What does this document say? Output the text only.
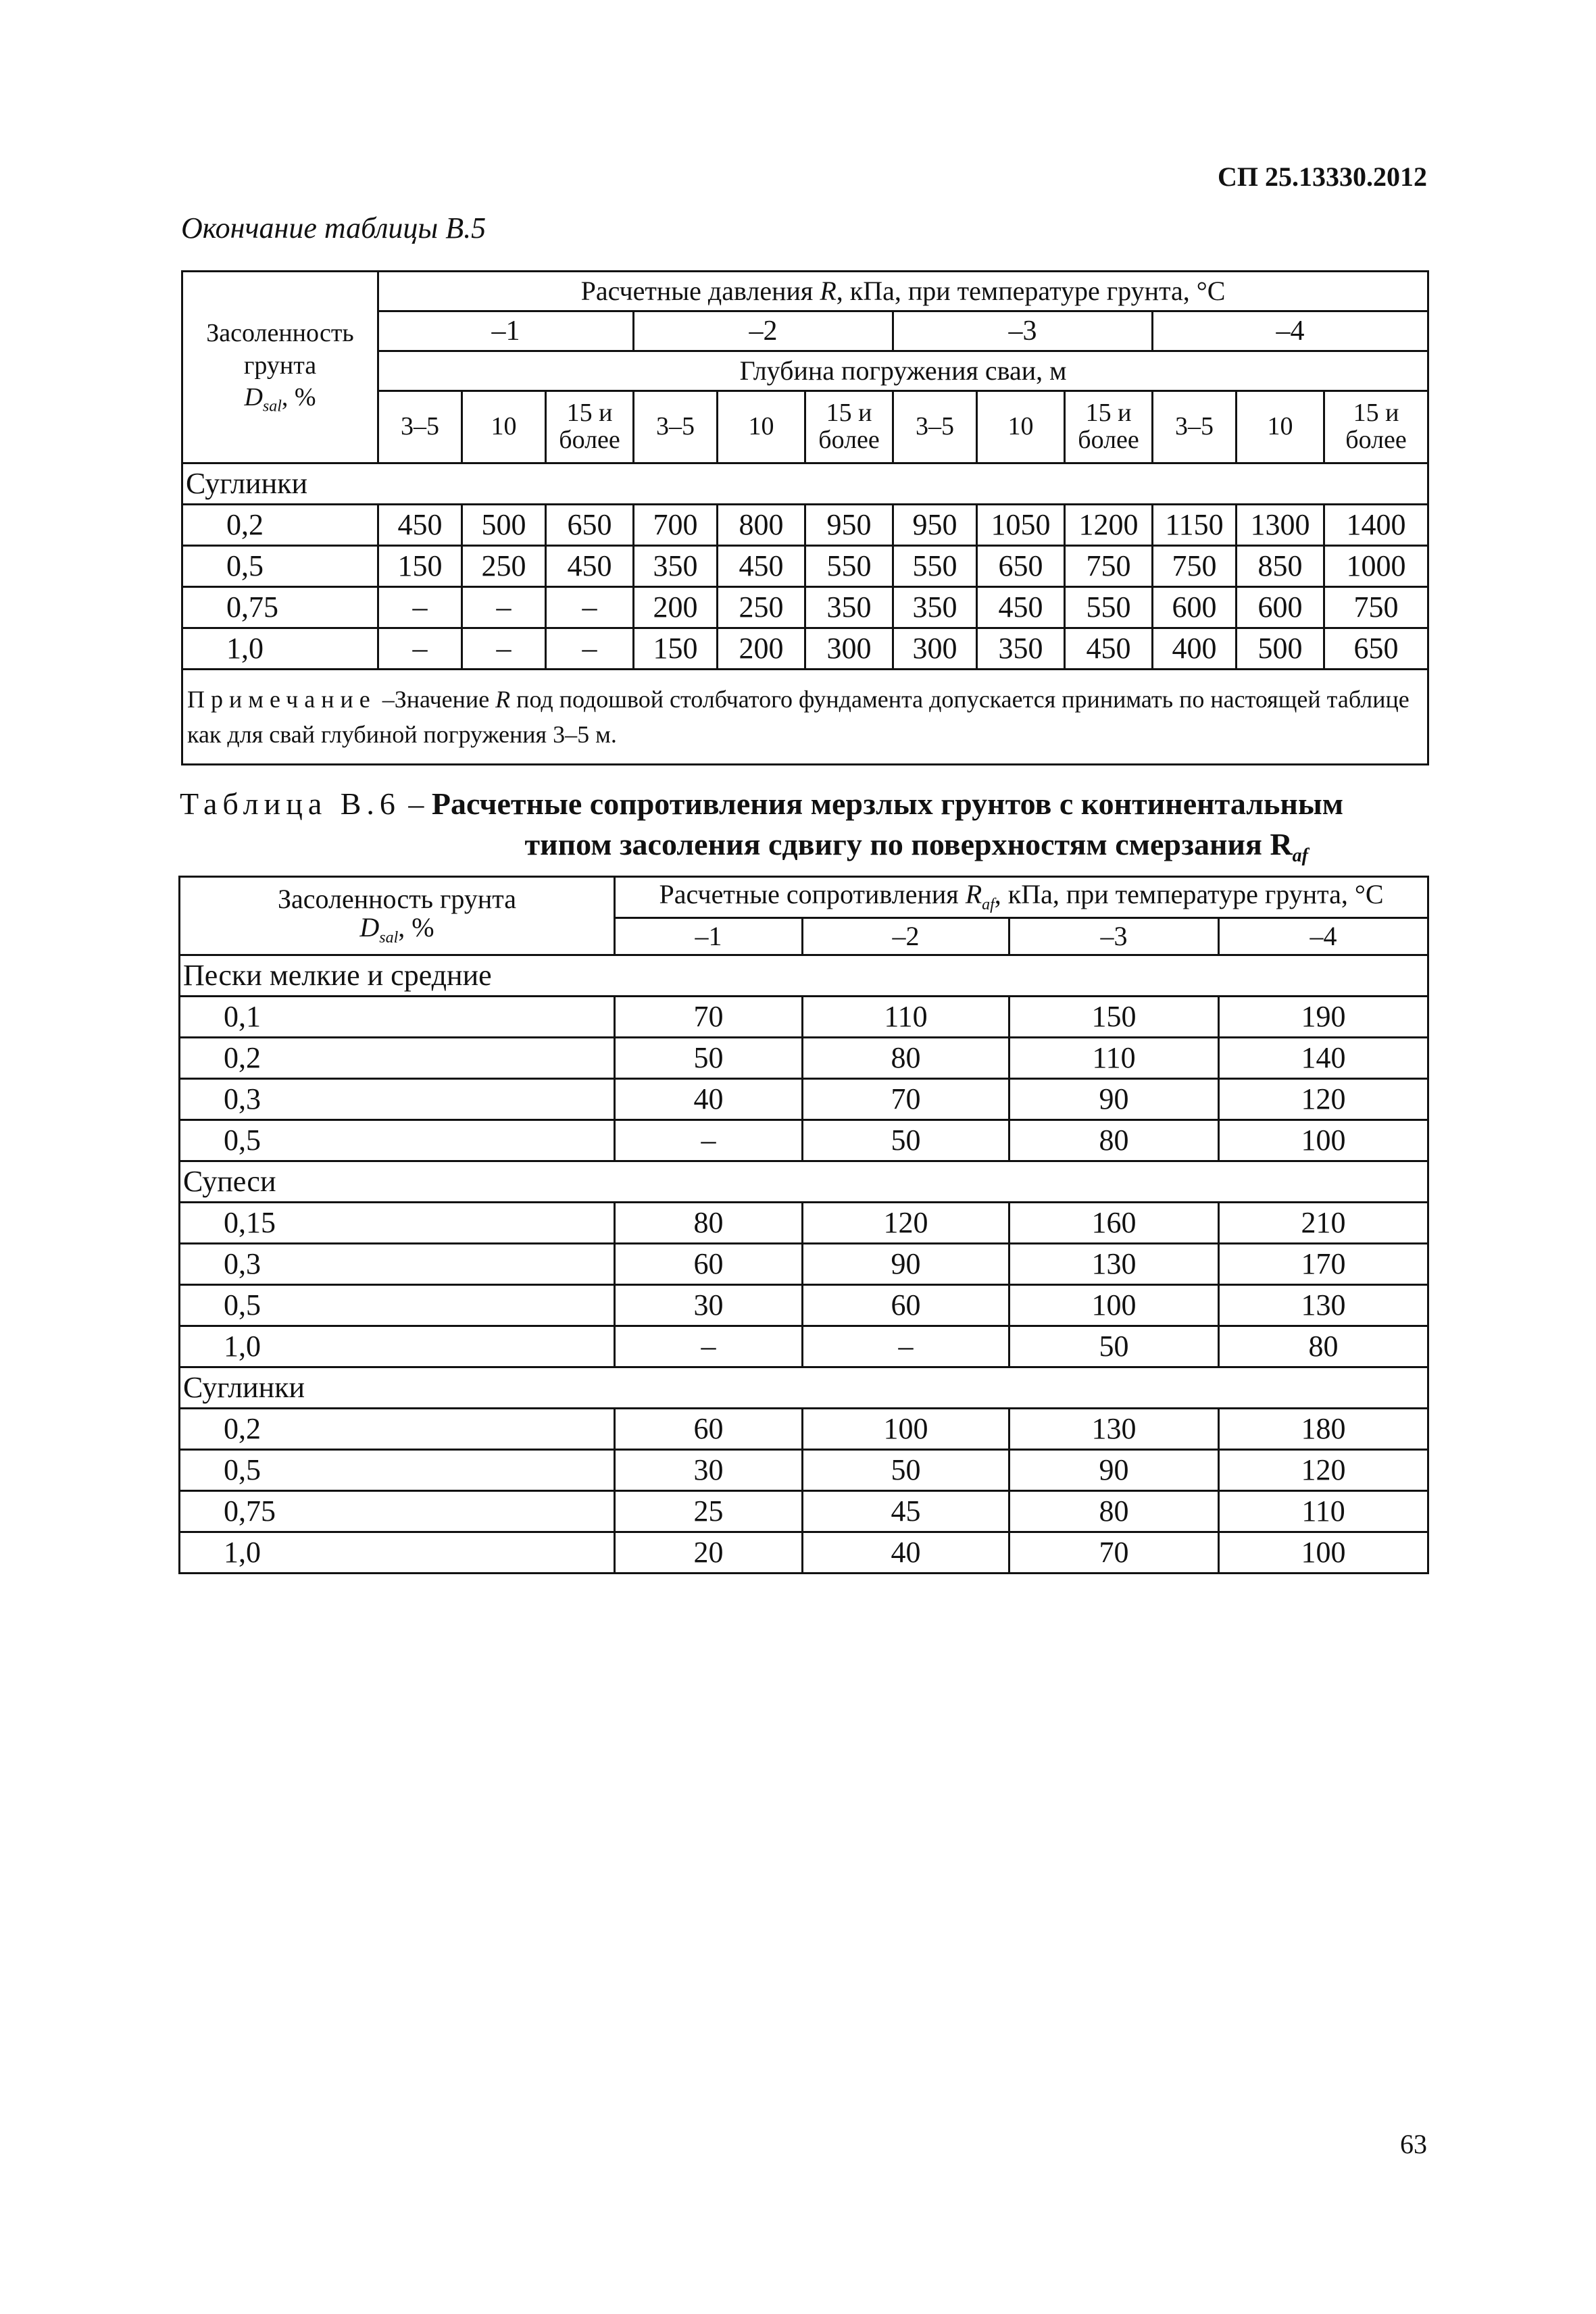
СП 25.13330.2012
Окончание таблицы В.5
Засоленность
грунта
$D_{sal}$, %	Расчетные давления R, кПа, при температуре грунта, °С											
	–1			–2			–3			–4		
	Глубина погружения сваи, м											
	3–5	10	15 и более	3–5	10	15 и более	3–5	10	15 и более	3–5	10	15 и более
Суглинки												
0,2	450	500	650	700	800	950	950	1050	1200	1150	1300	1400
0,5	150	250	450	350	450	550	550	650	750	750	850	1000
0,75	–	–	–	200	250	350	350	450	550	600	600	750
1,0	–	–	–	150	200	300	300	350	450	400	500	650
Примечание –Значение R под подошвой столбчатого фундамента допускается принимать по настоящей таблице как для свай глубиной погружения 3–5 м.												
Таблица В.6 – Расчетные сопротивления мерзлых грунтов с континентальным
типом засоления сдвигу по поверхностям смерзания $R_{af}$
Засоленность грунта
$D_{sal}$, %	Расчетные сопротивления $R_{af}$, кПа, при температуре грунта, °С			
	–1	–2	–3	–4
Пески мелкие и средние				
0,1	70	110	150	190
0,2	50	80	110	140
0,3	40	70	90	120
0,5	–	50	80	100
Супеси				
0,15	80	120	160	210
0,3	60	90	130	170
0,5	30	60	100	130
1,0	–	–	50	80
Суглинки				
0,2	60	100	130	180
0,5	30	50	90	120
0,75	25	45	80	110
1,0	20	40	70	100
63
